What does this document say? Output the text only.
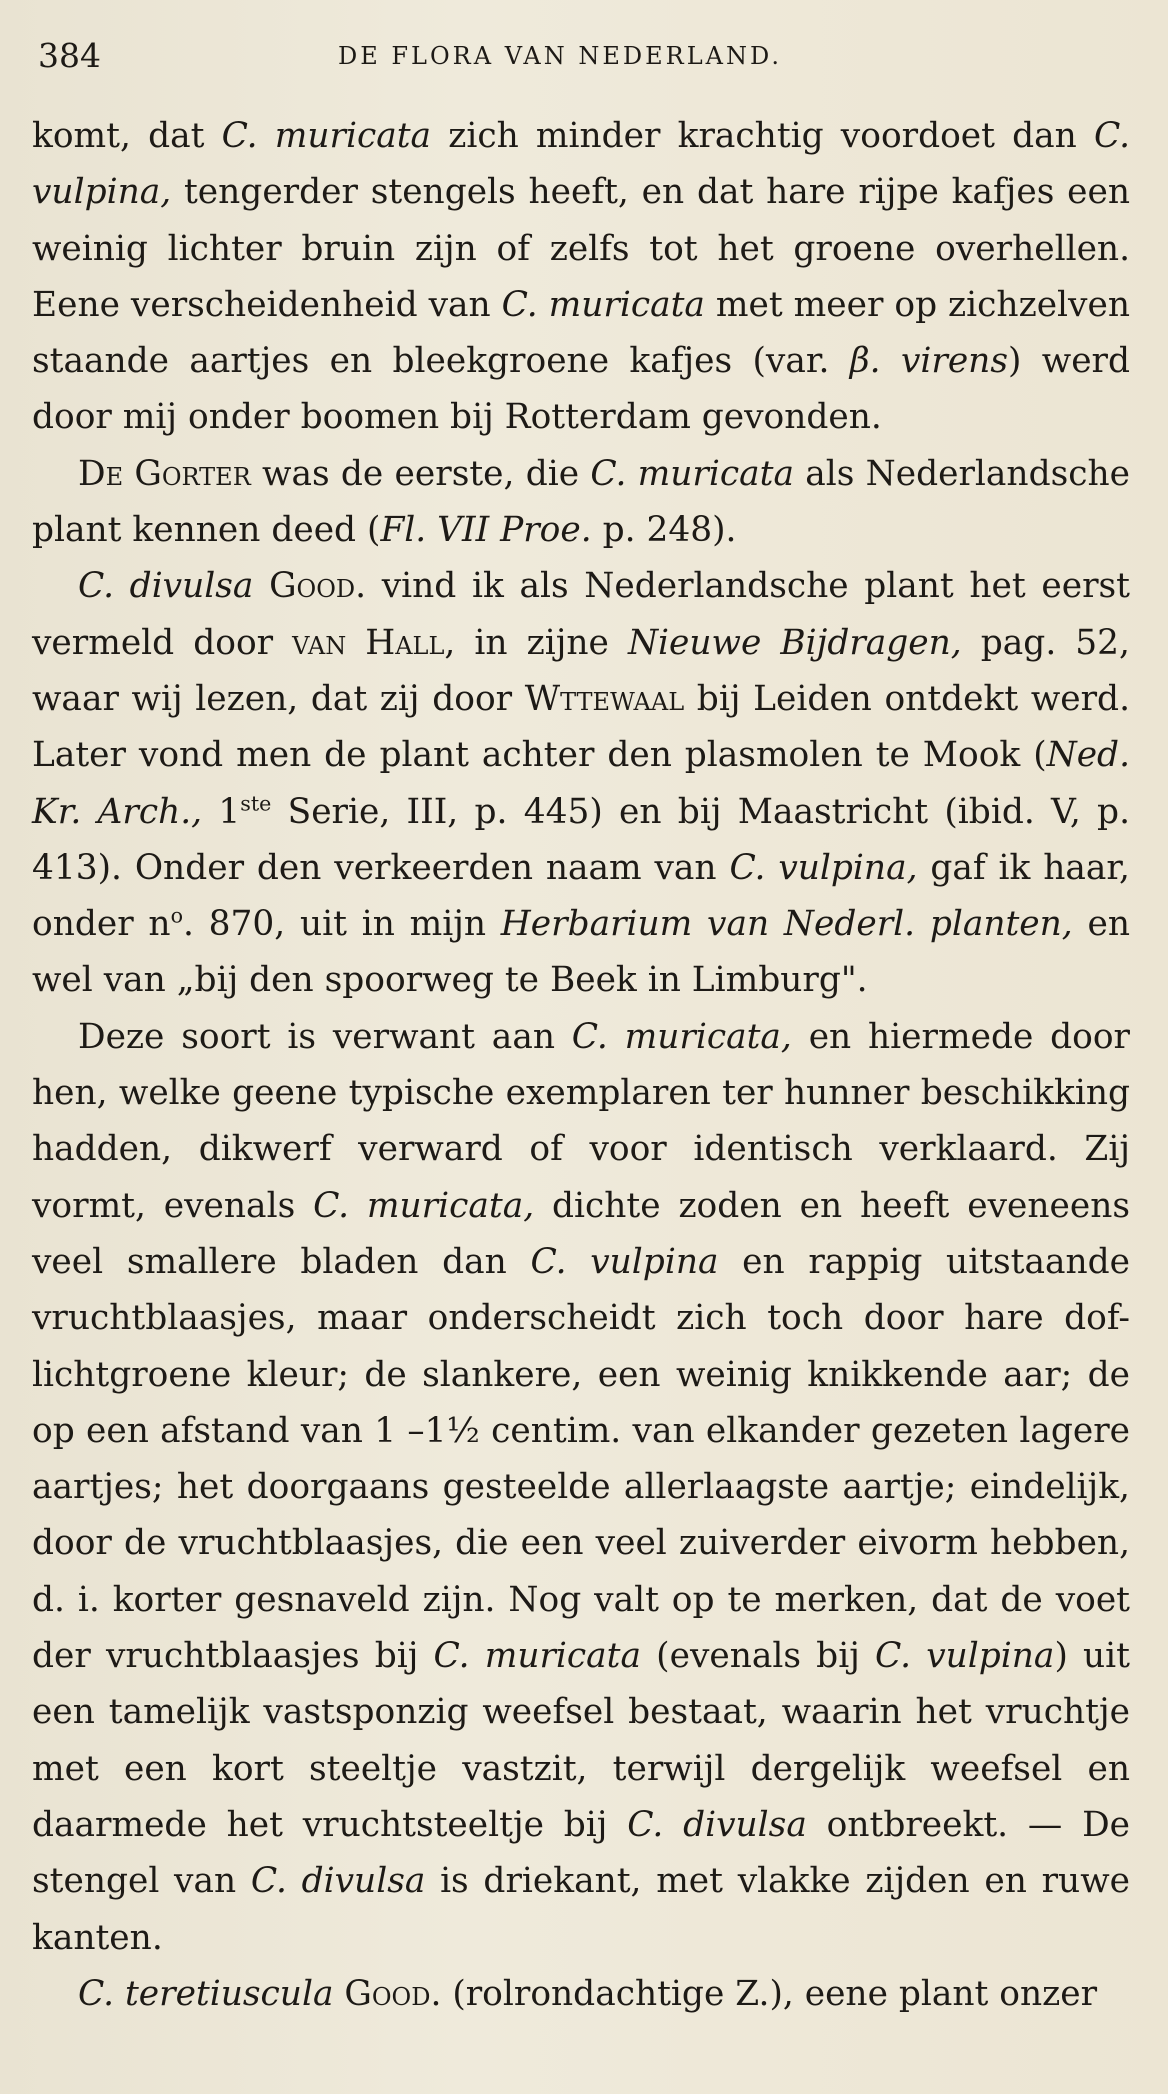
384	DE FLORA VAN NEDERLAND.

komt, dat C. muricata zich minder krachtig voordoet dan C. vulpina, tengerder stengels heeft, en dat hare rijpe kafjes een weinig lichter bruin zijn of zelfs tot het groene overhellen. Eene verscheidenheid van C. muricata met meer op zichzelven staande aartjes en bleekgroene kafjes (var. β. virens) werd door mij onder boomen bij Rotterdam gevonden.

De Gorter was de eerste, die C. muricata als Nederlandsche plant kennen deed (Fl. VII Proe. p. 248).

C. divulsa Good. vind ik als Nederlandsche plant het eerst vermeld door van Hall, in zijne Nieuwe Bijdragen, pag. 52, waar wij lezen, dat zij door Wttewaal bij Leiden ontdekt werd. Later vond men de plant achter den plasmolen te Mook (Ned. Kr. Arch., 1ste Serie, III, p. 445) en bij Maastricht (ibid. V, p. 413). Onder den verkeerden naam van C. vulpina, gaf ik haar, onder $n^o$. 870, uit in mijn Herbarium van Nederl. planten, en wel van „bij den spoorweg te Beek in Limburg".

Deze soort is verwant aan C. muricata, en hiermede door hen, welke geene typische exemplaren ter hunner beschikking hadden, dikwerf verward of voor identisch verklaard. Zij vormt, evenals C. muricata, dichte zoden en heeft eveneens veel smallere bladen dan C. vulpina en rappig uitstaande vruchtblaasjes, maar onderscheidt zich toch door hare dof-lichtgroene kleur; de slankere, een weinig knikkende aar; de op een afstand van 1 –1½ centim. van elkander gezeten lagere aartjes; het doorgaans gesteelde allerlaagste aartje; eindelijk, door de vruchtblaasjes, die een veel zuiverder eivorm hebben, d. i. korter gesnaveld zijn. Nog valt op te merken, dat de voet der vruchtblaasjes bij C. muricata (evenals bij C. vulpina) uit een tamelijk vastsponzig weefsel bestaat, waarin het vruchtje met een kort steeltje vastzit, terwijl dergelijk weefsel en daarmede het vruchtsteeltje bij C. divulsa ontbreekt. — De stengel van C. divulsa is driekant, met vlakke zijden en ruwe kanten.

C. teretiuscula Good. (rolrondachtige Z.), eene plant onzer
